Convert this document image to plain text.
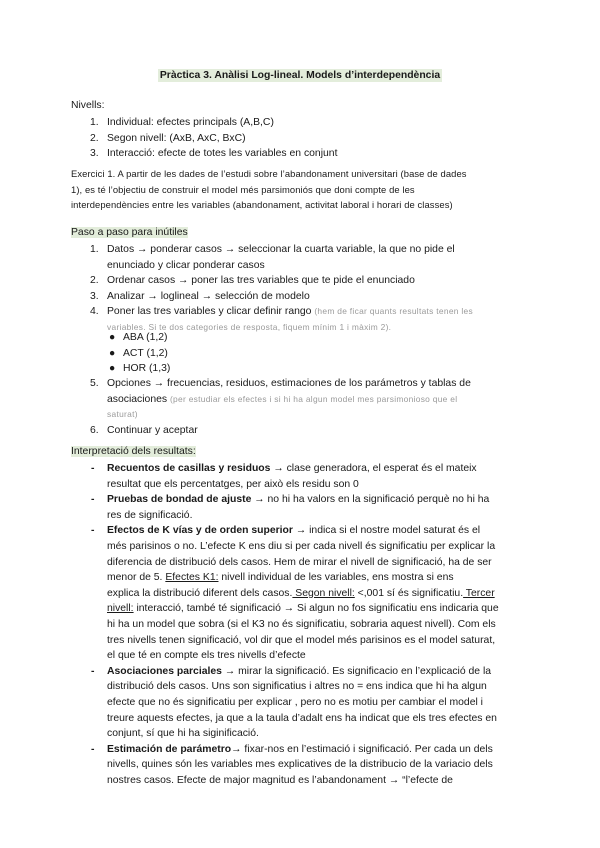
Pràctica 3. Anàlisi Log-lineal. Models d’interdependència
Nivells:
1. Individual: efectes principals (A,B,C)
2. Segon nivell: (AxB, AxC, BxC)
3. Interacció: efecte de totes les variables en conjunt
Exercici 1. A partir de les dades de l’estudi sobre l’abandonament universitari (base de dades
1), es té l’objectiu de construir el model més parsimoniós que doni compte de les
interdependències entre les variables (abandonament, activitat laboral i horari de classes)
Paso a paso para inútiles
1. Datos → ponderar casos → seleccionar la cuarta variable, la que no pide el
enunciado y clicar ponderar casos
2. Ordenar casos → poner las tres variables que te pide el enunciado
3. Analizar → loglineal → selección de modelo
4. Poner las tres variables y clicar definir rango (hem de ficar quants resultats tenen les
variables. Si te dos categories de resposta, fiquem mínim 1 i màxim 2).
● ABA (1,2)
● ACT (1,2)
● HOR (1,3)
5. Opciones → frecuencias, residuos, estimaciones de los parámetros y tablas de
asociaciones (per estudiar els efectes i si hi ha algun model mes parsimonioso que el
saturat)
6. Continuar y aceptar
Interpretació dels resultats:
- Recuentos de casillas y residuos → clase generadora, el esperat és el mateix
resultat que els percentatges, per això els residu son 0
- Pruebas de bondad de ajuste → no hi ha valors en la significació perquè no hi ha
res de significació.
- Efectos de K vías y de orden superior → indica si el nostre model saturat és el
més parisinos o no. L’efecte K ens diu si per cada nivell és significatiu per explicar la
diferencia de distribució dels casos. Hem de mirar el nivell de significació, ha de ser
menor de 5. Efectes K1: nivell individual de les variables, ens mostra si ens
explica la distribució diferent dels casos. Segon nivell: <,001 sí és significatiu. Tercer
nivell: interacció, també té significació → Si algun no fos significatiu ens indicaria que
hi ha un model que sobra (si el K3 no és significatiu, sobraria aquest nivell). Com els
tres nivells tenen significació, vol dir que el model més parisinos es el model saturat,
el que té en compte els tres nivells d’efecte
- Asociaciones parciales → mirar la significació. Es significacio en l’explicació de la
distribució dels casos. Uns son significatius i altres no = ens indica que hi ha algun
efecte que no és significatiu per explicar , pero no es motiu per cambiar el model i
treure aquests efectes, ja que a la taula d’adalt ens ha indicat que els tres efectes en
conjunt, sí que hi ha siginificació.
- Estimación de parámetro→ fixar-nos en l’estimació i significació. Per cada un dels
nivells, quines són les variables mes explicatives de la distribucio de la variacio dels
nostres casos. Efecte de major magnitud es l’abandonament → “l’efecte de
